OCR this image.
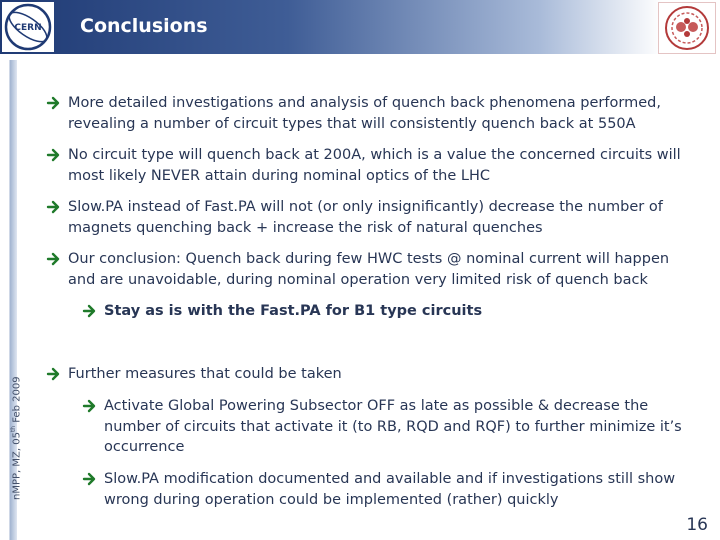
CERN Conclusions
nMPP, MZ, 05th Feb 2009
More detailed investigations and analysis of quench back phenomena performed, revealing a number of circuit types that will consistently quench back at 550A
No circuit type will quench back at 200A, which is a value the concerned circuits will most likely NEVER attain during nominal optics of the LHC
Slow.PA instead of Fast.PA will not (or only insignificantly) decrease the number of magnets quenching back + increase the risk of natural quenches
Our conclusion: Quench back during few HWC tests @ nominal current will happen and are unavoidable, during nominal operation very limited risk of quench back
Stay as is with the Fast.PA for B1 type circuits
Further measures that could be taken
Activate Global Powering Subsector OFF as late as possible & decrease the number of circuits that activate it (to RB, RQD and RQF) to further minimize it’s occurrence
Slow.PA modification documented and available and if investigations still show wrong during operation could be implemented (rather) quickly
16
